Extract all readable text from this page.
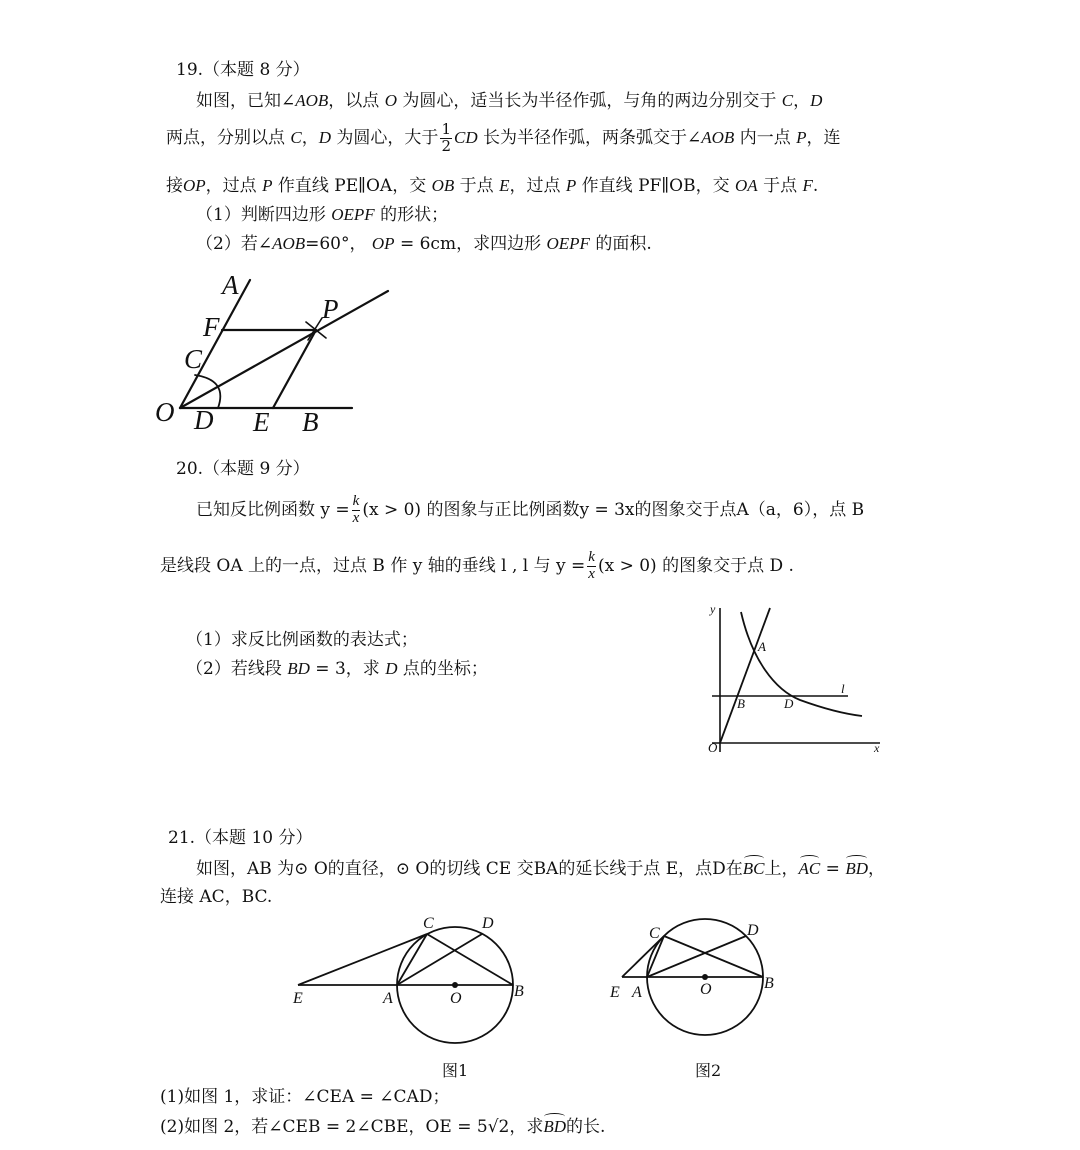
19.（本题 8 分）
如图，已知∠AOB，以点 O 为圆心，适当长为半径作弧，与角的两边分别交于 C，D
两点，分别以点 C，D 为圆心，大于 $\frac{1}{2}$ CD 长为半径作弧，两条弧交于∠AOB 内一点 P，连
接OP，过点 P 作直线 PE∥OA，交 OB 于点 E，过点 P 作直线 PF∥OB，交 OA 于点 F.
（1）判断四边形 OEPF 的形状；
（2）若∠AOB=60°， OP = 6cm，求四边形 OEPF 的面积.
A
P
F
C
O D E B
20.（本题 9 分）
已知反比例函数 $y = \frac{k}{x} (x > 0)$ 的图象与正比例函数y = 3x的图象交于点A（a，6），点 B
是线段 OA 上的一点，过点 B 作 y 轴的垂线 l , l 与 $y = \frac{k}{x} (x > 0)$ 的图象交于点 D .
（1）求反比例函数的表达式；
（2）若线段 BD = 3，求 D 点的坐标；
y
A
l
B	D
O	x
21.（本题 10 分）
如图，AB 为⊙ O的直径，⊙ O的切线 CE 交BA的延长线于点 E，点D在BC上，AC = BD，
连接 AC，BC.
C	D
E	A	O	B
图1
C	D
E A	O	B
图2
(1)如图 1，求证：∠CEA = ∠CAD；
(2)如图 2，若∠CEB = 2∠CBE，OE = 5√2，求BD的长.
